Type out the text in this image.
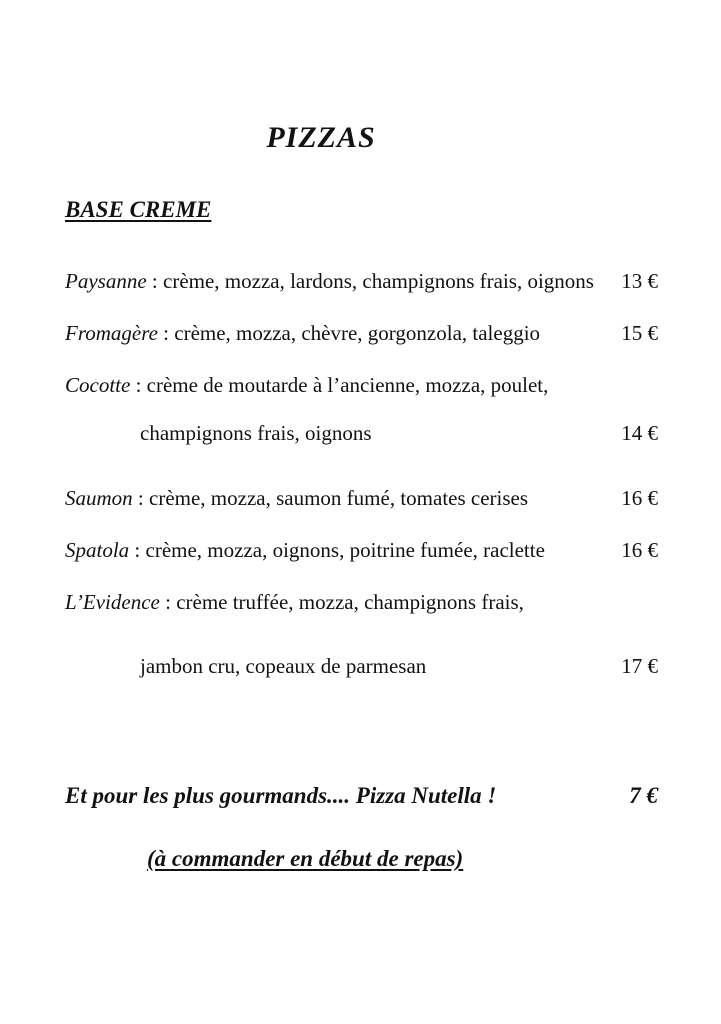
PIZZAS
BASE CREME
Paysanne : crème, mozza, lardons, champignons frais, oignons	13 €
Fromagère : crème, mozza, chèvre, gorgonzola, taleggio	15 €
Cocotte : crème de moutarde à l’ancienne, mozza, poulet,
champignons frais, oignons	14 €
Saumon : crème, mozza, saumon fumé, tomates cerises	16 €
Spatola : crème, mozza, oignons, poitrine fumée, raclette	16 €
L’Evidence : crème truffée, mozza, champignons frais,
jambon cru, copeaux de parmesan	17 €
Et pour les plus gourmands.... Pizza Nutella !	7 €
(à commander en début de repas)
